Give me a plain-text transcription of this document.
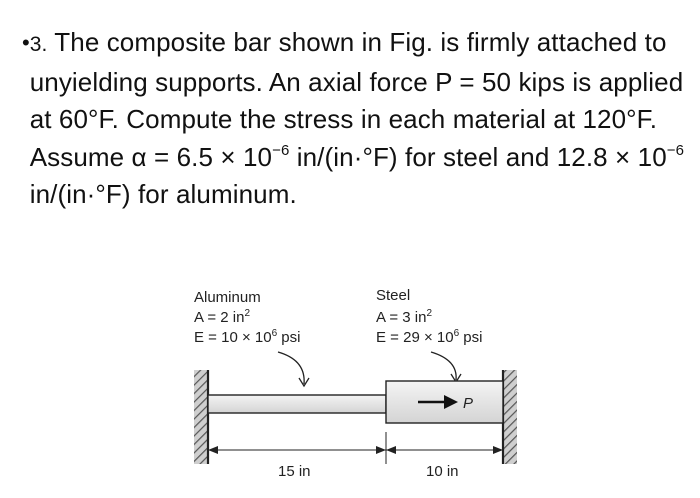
• 3. The composite bar shown in Fig. is firmly attached to unyielding supports. An axial force P = 50 kips is applied at 60°F. Compute the stress in each material at 120°F. Assume $\alpha = 6.5 \times 10^{-6}$ in/(in·°F) for steel and $12.8 \times 10^{-6}$ in/(in·°F) for aluminum.
Aluminum
A = 2 $in^2$
$E = 10 \times 10^6$ psi
Steel
A = 3 $in^2$
$E = 29 \times 10^6$ psi
P
15 in	10 in
